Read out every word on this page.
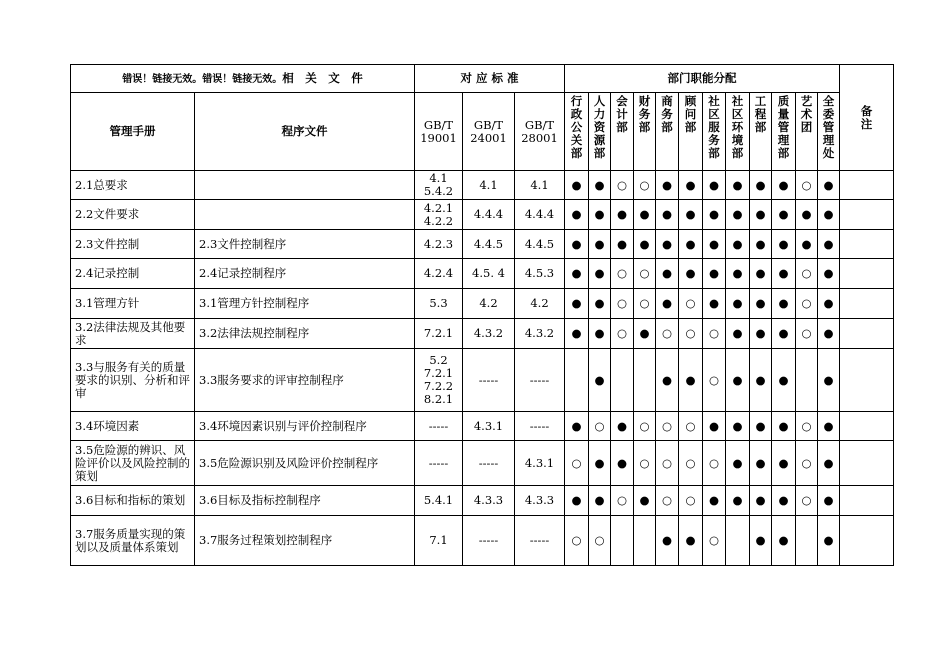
错误！链接无效。错误！链接无效。相　关　文　件		对 应 标 准			部门职能分配												备
注

管理手册	程序文件	GB/T
19001	GB/T
24001	GB/T
28001	行
政
公
关
部	人
力
资
源
部	会
计
部	财
务
部	商
务
部	顾
问
部	社
区
服
务
部	社
区
环
境
部	工
程
部	质
量
管
理
部	艺
术
团	全
委
管
理
处	

2.1总要求		4.1
5.4.2	4.1	4.1	●	●	○	○	●	●	●	●	●	●	○	●	
2.2文件要求		4.2.1
4.2.2	4.4.4	4.4.4	●	●	●	●	●	●	●	●	●	●	●	●	
2.3文件控制	2.3文件控制程序	4.2.3	4.4.5	4.4.5	●	●	●	●	●	●	●	●	●	●	●	●	
2.4记录控制	2.4记录控制程序	4.2.4	4.5. 4	4.5.3	●	●	○	○	●	●	●	●	●	●	○	●	
3.1管理方针	3.1管理方针控制程序	5.3	4.2	4.2	●	●	○	○	●	○	●	●	●	●	○	●	
3.2法律法规及其他要求	3.2法律法规控制程序	7.2.1	4.3.2	4.3.2	●	●	○	●	○	○	○	●	●	●	○	●	
3.3与服务有关的质量要求的识别、分析和评审	3.3服务要求的评审控制程序	5.2
7.2.1
7.2.2
8.2.1	-----	-----		●			●	●	○	●	●	●		●	
3.4环境因素	3.4环境因素识别与评价控制程序	-----	4.3.1	-----	●	○	●	○	○	○	●	●	●	●	○	●	
3.5危险源的辨识、风险评价以及风险控制的策划	3.5危险源识别及风险评价控制程序	-----	-----	4.3.1	○	●	●	○	○	○	○	●	●	●	○	●	
3.6目标和指标的策划	3.6目标及指标控制程序	5.4.1	4.3.3	4.3.3	●	●	○	●	○	○	●	●	●	●	○	●	
3.7服务质量实现的策划以及质量体系策划	3.7服务过程策划控制程序	7.1	-----	-----	○	○			●	●	○		●	●		●	
